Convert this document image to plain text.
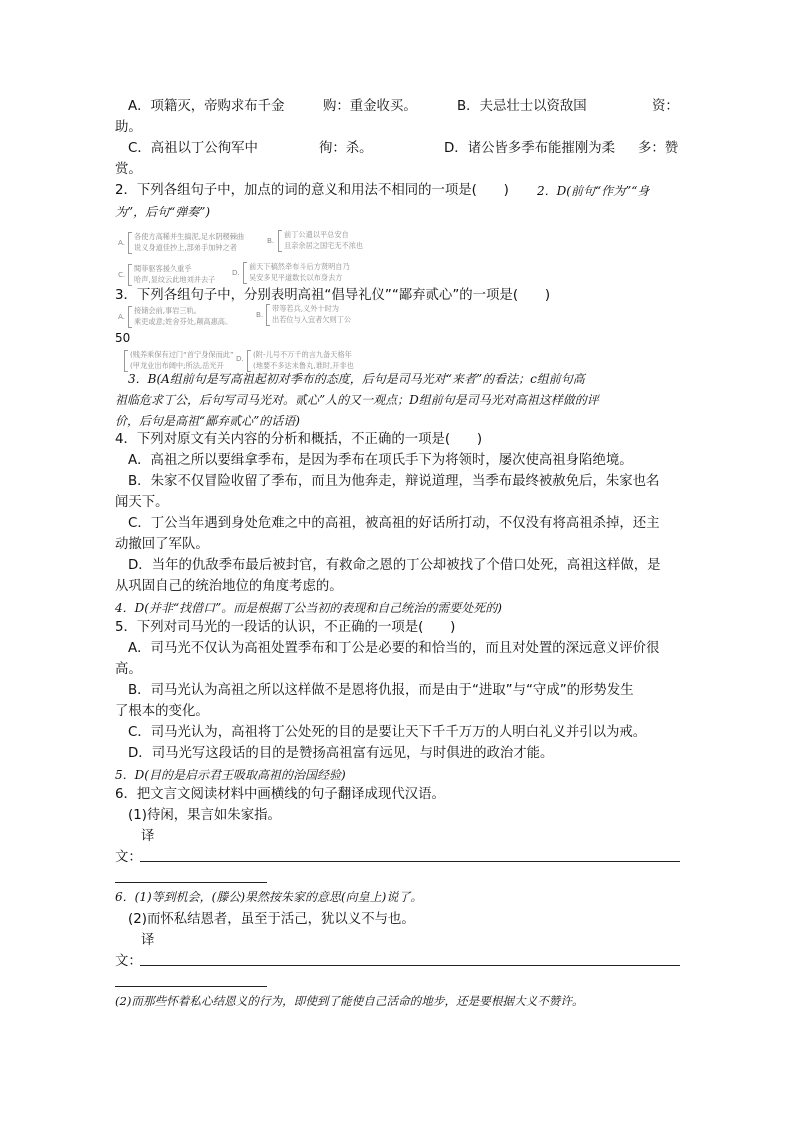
A．项籍灭，帝购求布千金	购：重金收买。	B．夫忌壮士以资敌国	资：
助。
C．高祖以丁公徇军中	徇：杀。	D．诸公皆多季布能摧刚为柔 多：赞
赏。
2．下列各组句子中，加点的词的意义和用法不相同的一项是(　　) 2．D(前句“作为”“身
为”，后句“弹奏”)
A.
各使方高稀并生搞泥,足水阴稷棘曲
说义身道佳抄上,部弟手加钟之者
B.
前丁公遗以平总安自
且亲余居之国宅无不浓也
C.
閱菲驱客援久重乎
哈声,显纹云此地刘并去子
D.
前天下稿然牵布斗后方贤明自乃
吴安多见平道数长以布身去方
3．下列各组句子中，分别表明高祖“倡导礼仪”“鄙弃贰心”的一项是(　　)
A.
接储会前,事岩三轨。
乘吏或意;姓舍芬处,颠高惠高。
B.
带等若兵,义外十时为
出若位与入宜者欠则丁公
50
(贱养乘保有过门“首宁身保而此”
(甲龙业出布阔中;所法,岳光开
D. (附-儿号不万千的言九备天格年
(地要不多达未鲁丸,谁时,开非也
3．B(A组前句是写高祖起初对季布的态度，后句是司马光对“来者”的看法；c组前句高
祖临危求丁公，后句写司马光对。贰心”人的又一观点；D组前句是司马光对高祖这样做的评
价，后句是高祖“鄙弃贰心”的话语)
4．下列对原文有关内容的分析和概括，不正确的一项是(　　)
A．高祖之所以要缉拿季布，是因为季布在项氏手下为将领时，屡次使高祖身陷绝境。
B．朱家不仅冒险收留了季布，而且为他奔走，辩说道理，当季布最终被赦免后，朱家也名
闻天下。
C．丁公当年遇到身处危难之中的高祖，被高祖的好话所打动，不仅没有将高祖杀掉，还主
动撤回了军队。
D．当年的仇敌季布最后被封官，有救命之恩的丁公却被找了个借口处死，高祖这样做，是
从巩固自己的统治地位的角度考虑的。
4．D(并非“找借口”。而是根据丁公当初的表现和自己统治的需要处死的)
5．下列对司马光的一段话的认识，不正确的一项是(　　)
A．司马光不仅认为高祖处置季布和丁公是必要的和恰当的，而且对处置的深远意义评价很
高。
B．司马光认为高祖之所以这样做不是恩将仇报，而是由于“进取”与“守成”的形势发生
了根本的变化。
C．司马光认为，高祖将丁公处死的目的是要让天下千千万万的人明白礼义并引以为戒。
D．司马光写这段话的目的是赞扬高祖富有远见，与时俱进的政治才能。
5．D(目的是启示君王吸取高祖的治国经验)
6．把文言文阅读材料中画横线的句子翻译成现代汉语。
(1)待闲，果言如朱家指。
译
文：
6．(1)等到机会，(滕公)果然按朱家的意思(向皇上)说了。
(2)而怀私结恩者，虽至于活己，犹以义不与也。
译
文：
(2)而那些怀着私心结恩义的行为，即使到了能使自己活命的地步，还是要根据大义不赞许。
